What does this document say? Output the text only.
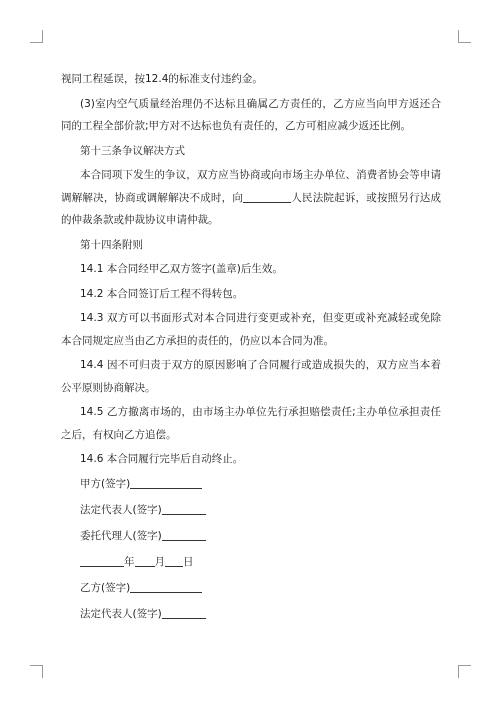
视同工程延误，按12.4的标准支付违约金。

(3)室内空气质量经治理仍不达标且确属乙方责任的，乙方应当向甲方返还合同的工程全部价款;甲方对不达标也负有责任的，乙方可相应减少返还比例。

第十三条争议解决方式

本合同项下发生的争议，双方应当协商或向市场主办单位、消费者协会等申请调解解决，协商或调解解决不成时，向	人民法院起诉，或按照另行达成的仲裁条款或仲裁协议申请仲裁。

第十四条附则

14.1 本合同经甲乙双方签字(盖章)后生效。

14.2 本合同签订后工程不得转包。

14.3 双方可以书面形式对本合同进行变更或补充，但变更或补充减轻或免除本合同规定应当由乙方承担的责任的，仍应以本合同为准。

14.4 因不可归责于双方的原因影响了合同履行或造成损失的，双方应当本着公平原则协商解决。

14.5 乙方撤离市场的，由市场主办单位先行承担赔偿责任;主办单位承担责任之后，有权向乙方追偿。

14.6 本合同履行完毕后自动终止。

甲方(签字)
法定代表人(签字)
委托代理人(签字)
年 月 日
乙方(签字)
法定代表人(签字)
